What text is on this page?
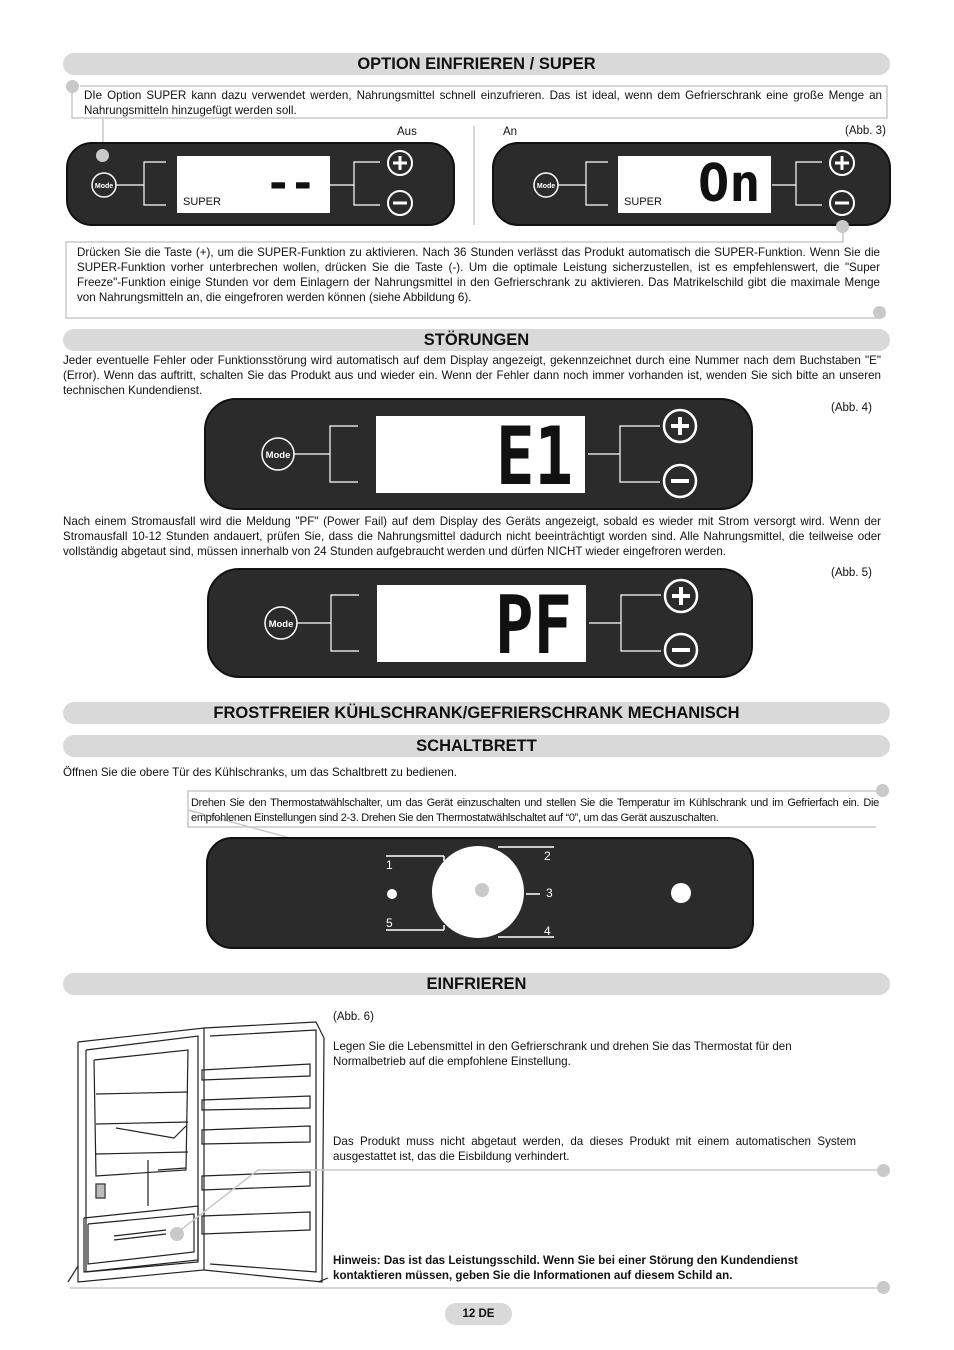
OPTION EINFRIEREN / SUPER
DIe Option SUPER kann dazu verwendet werden, Nahrungsmittel schnell einzufrieren. Das ist ideal, wenn dem Gefrierschrank eine große Menge an Nahrungsmitteln hinzugefügt werden soll.
Aus	An	(Abb. 3)
SUPER --
Mode
SUPER On
Mode
Drücken Sie die Taste (+), um die SUPER-Funktion zu aktivieren. Nach 36 Stunden verlässt das Produkt automatisch die SUPER-Funktion. Wenn Sie die SUPER-Funktion vorher unterbrechen wollen, drücken Sie die Taste (-). Um die optimale Leistung sicherzustellen, ist es empfehlenswert, die "Super Freeze"-Funktion einige Stunden vor dem Einlagern der Nahrungsmittel in den Gefrierschrank zu aktivieren. Das Matrikelschild gibt die maximale Menge von Nahrungsmitteln an, die eingefroren werden können (siehe Abbildung 6).
STÖRUNGEN
Jeder eventuelle Fehler oder Funktionsstörung wird automatisch auf dem Display angezeigt, gekennzeichnet durch eine Nummer nach dem Buchstaben "E" (Error). Wenn das auftritt, schalten Sie das Produkt aus und wieder ein. Wenn der Fehler dann noch immer vorhanden ist, wenden Sie sich bitte an unseren technischen Kundendienst.
(Abb. 4)
E1
Mode
Nach einem Stromausfall wird die Meldung "PF" (Power Fail) auf dem Display des Geräts angezeigt, sobald es wieder mit Strom versorgt wird. Wenn der Stromausfall 10-12 Stunden andauert, prüfen Sie, dass die Nahrungsmittel dadurch nicht beeinträchtigt worden sind. Alle Nahrungsmittel, die teilweise oder vollständig abgetaut sind, müssen innerhalb von 24 Stunden aufgebraucht werden und dürfen NICHT wieder eingefroren werden.
(Abb. 5)
PF
Mode
FROSTFREIER KÜHLSCHRANK/GEFRIERSCHRANK MECHANISCH
SCHALTBRETT
Öffnen Sie die obere Tür des Kühlschranks, um das Schaltbrett zu bedienen.
Drehen Sie den Thermostatwählschalter, um das Gerät einzuschalten und stellen Sie die Temperatur im Kühlschrank und im Gefrierfach ein. Die empfohlenen Einstellungen sind 2-3. Drehen Sie den Thermostatwählschaltet auf “0”, um das Gerät auszuschalten.
1
2
3
4
5
EINFRIEREN
(Abb. 6)
Legen Sie die Lebensmittel in den Gefrierschrank und drehen Sie das Thermostat für den Normalbetrieb auf die empfohlene Einstellung.
Das Produkt muss nicht abgetaut werden, da dieses Produkt mit einem automatischen System ausgestattet ist, das die Eisbildung verhindert.
Hinweis: Das ist das Leistungsschild. Wenn Sie bei einer Störung den Kundendienst kontaktieren müssen, geben Sie die Informationen auf diesem Schild an.
12 DE
